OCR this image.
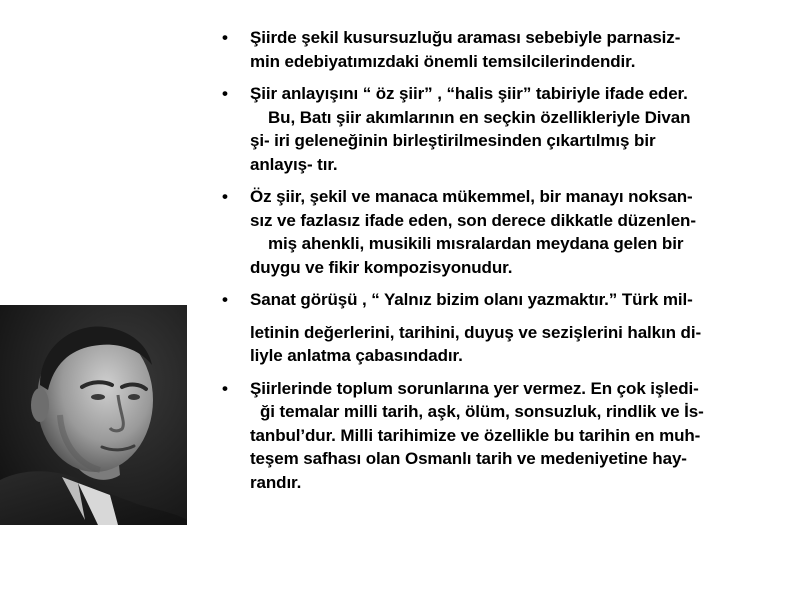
• Şiirde şekil kusursuzluğu araması sebebiyle parnasiz-
min edebiyatımızdaki önemli temsilcilerindendir.
• Şiir anlayışını “ öz şiir” , “halis şiir” tabiriyle ifade eder.
Bu, Batı şiir akımlarının en seçkin özellikleriyle Divan
şi- iri geleneğinin birleştirilmesinden çıkartılmış bir
anlayış- tır.
• Öz şiir, şekil ve manaca mükemmel, bir manayı noksan-
sız ve fazlasız ifade eden, son derece dikkatle düzenlen-
miş ahenkli, musikili mısralardan meydana gelen bir
duygu ve fikir kompozisyonudur.
• Sanat görüşü , “ Yalnız bizim olanı yazmaktır.” Türk mil-
letinin değerlerini, tarihini, duyuş ve sezişlerini halkın di-
liyle anlatma çabasındadır.
• Şiirlerinde toplum sorunlarına yer vermez. En çok işledi-
ği temalar milli tarih, aşk, ölüm, sonsuzluk, rindlik ve İs-
tanbul’dur. Milli tarihimize ve özellikle bu tarihin en muh-
teşem safhası olan Osmanlı tarih ve medeniyetine hay-
randır.
